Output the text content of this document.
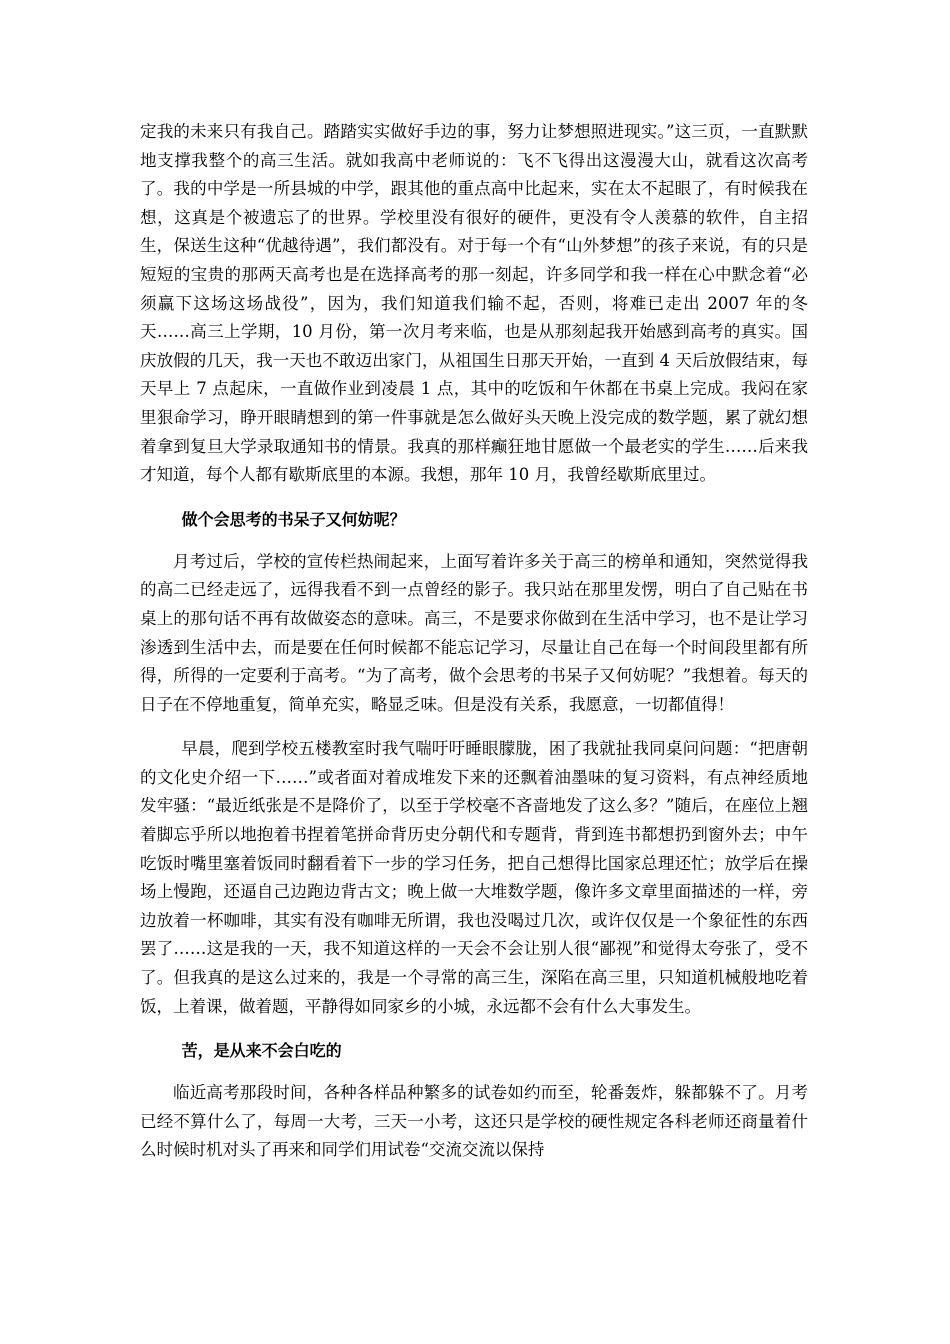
定我的未来只有我自己。踏踏实实做好手边的事，努力让梦想照进现实。”这三页，一直默默地支撑我整个的高三生活。就如我高中老师说的：飞不飞得出这漫漫大山，就看这次高考了。我的中学是一所县城的中学，跟其他的重点高中比起来，实在太不起眼了，有时候我在想，这真是个被遗忘了的世界。学校里没有很好的硬件，更没有令人羡慕的软件，自主招生，保送生这种“优越待遇”，我们都没有。对于每一个有“山外梦想”的孩子来说，有的只是短短的宝贵的那两天高考也是在选择高考的那一刻起，许多同学和我一样在心中默念着“必须赢下这场这场战役”，因为，我们知道我们输不起，否则，将难已走出 2007 年的冬天……高三上学期，10 月份，第一次月考来临，也是从那刻起我开始感到高考的真实。国庆放假的几天，我一天也不敢迈出家门，从祖国生日那天开始，一直到 4 天后放假结束，每天早上 7 点起床，一直做作业到凌晨 1 点，其中的吃饭和午休都在书桌上完成。我闷在家里狠命学习，睁开眼睛想到的第一件事就是怎么做好头天晚上没完成的数学题，累了就幻想着拿到复旦大学录取通知书的情景。我真的那样癫狂地甘愿做一个最老实的学生……后来我才知道，每个人都有歇斯底里的本源。我想，那年 10 月，我曾经歇斯底里过。

做个会思考的书呆子又何妨呢？

月考过后，学校的宣传栏热闹起来，上面写着许多关于高三的榜单和通知，突然觉得我的高二已经走远了，远得我看不到一点曾经的影子。我只站在那里发愣，明白了自己贴在书桌上的那句话不再有故做姿态的意味。高三，不是要求你做到在生活中学习，也不是让学习渗透到生活中去，而是要在任何时候都不能忘记学习，尽量让自己在每一个时间段里都有所得，所得的一定要利于高考。“为了高考，做个会思考的书呆子又何妨呢？”我想着。每天的日子在不停地重复，简单充实，略显乏味。但是没有关系，我愿意，一切都值得！

早晨，爬到学校五楼教室时我气喘吁吁睡眼朦胧，困了我就扯我同桌问问题：“把唐朝的文化史介绍一下……”或者面对着成堆发下来的还飘着油墨味的复习资料，有点神经质地发牢骚：“最近纸张是不是降价了，以至于学校毫不吝啬地发了这么多？”随后，在座位上翘着脚忘乎所以地抱着书捏着笔拼命背历史分朝代和专题背，背到连书都想扔到窗外去；中午吃饭时嘴里塞着饭同时翻看着下一步的学习任务，把自己想得比国家总理还忙；放学后在操场上慢跑，还逼自己边跑边背古文；晚上做一大堆数学题，像许多文章里面描述的一样，旁边放着一杯咖啡，其实有没有咖啡无所谓，我也没喝过几次，或许仅仅是一个象征性的东西罢了……这是我的一天，我不知道这样的一天会不会让别人很“鄙视”和觉得太夸张了，受不了。但我真的是这么过来的，我是一个寻常的高三生，深陷在高三里，只知道机械般地吃着饭，上着课，做着题，平静得如同家乡的小城，永远都不会有什么大事发生。

苦，是从来不会白吃的

临近高考那段时间，各种各样品种繁多的试卷如约而至，轮番轰炸，躲都躲不了。月考已经不算什么了，每周一大考，三天一小考，这还只是学校的硬性规定各科老师还商量着什么时候时机对头了再来和同学们用试卷“交流交流以保持
